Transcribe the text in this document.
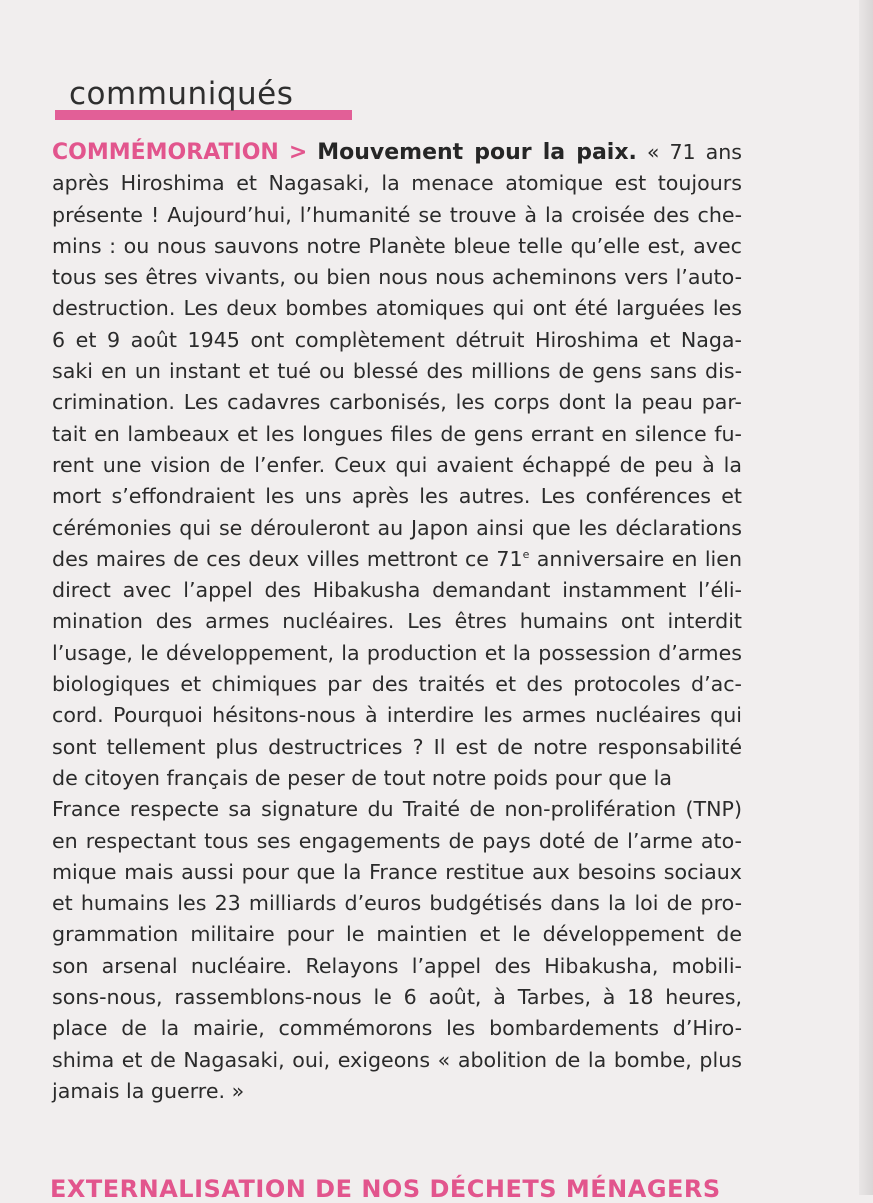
communiqués
COMMÉMORATION > Mouvement pour la paix. « 71 ans
après Hiroshima et Nagasaki, la menace atomique est toujours
présente ! Aujourd’hui, l’humanité se trouve à la croisée des che-
mins : ou nous sauvons notre Planète bleue telle qu’elle est, avec
tous ses êtres vivants, ou bien nous nous acheminons vers l’auto-
destruction. Les deux bombes atomiques qui ont été larguées les
6 et 9 août 1945 ont complètement détruit Hiroshima et Naga-
saki en un instant et tué ou blessé des millions de gens sans dis-
crimination. Les cadavres carbonisés, les corps dont la peau par-
tait en lambeaux et les longues files de gens errant en silence fu-
rent une vision de l’enfer. Ceux qui avaient échappé de peu à la
mort s’effondraient les uns après les autres. Les conférences et
cérémonies qui se dérouleront au Japon ainsi que les déclarations
des maires de ces deux villes mettront ce 71e anniversaire en lien
direct avec l’appel des Hibakusha demandant instamment l’éli-
mination des armes nucléaires. Les êtres humains ont interdit
l’usage, le développement, la production et la possession d’armes
biologiques et chimiques par des traités et des protocoles d’ac-
cord. Pourquoi hésitons-nous à interdire les armes nucléaires qui
sont tellement plus destructrices ? Il est de notre responsabilité
de citoyen français de peser de tout notre poids pour que la
France respecte sa signature du Traité de non-prolifération (TNP)
en respectant tous ses engagements de pays doté de l’arme ato-
mique mais aussi pour que la France restitue aux besoins sociaux
et humains les 23 milliards d’euros budgétisés dans la loi de pro-
grammation militaire pour le maintien et le développement de
son arsenal nucléaire. Relayons l’appel des Hibakusha, mobili-
sons-nous, rassemblons-nous le 6 août, à Tarbes, à 18 heures,
place de la mairie, commémorons les bombardements d’Hiro-
shima et de Nagasaki, oui, exigeons « abolition de la bombe, plus
jamais la guerre. »
EXTERNALISATION DE NOS DÉCHETS MÉNAGERS
